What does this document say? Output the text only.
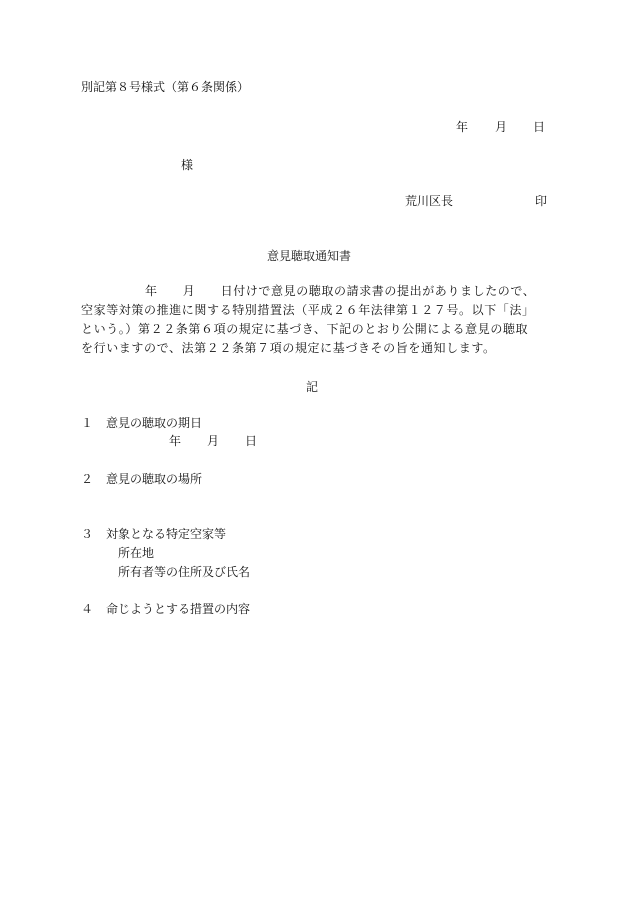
別記第８号様式（第６条関係）
年 月 日
様
荒川区長	印
意見聴取通知書
年　　月　　日付けで意見の聴取の請求書の提出がありましたので、
空家等対策の推進に関する特別措置法（平成２６年法律第１２７号。以下「法」
という。）第２２条第６項の規定に基づき、下記のとおり公開による意見の聴取
を行いますので、法第２２条第７項の規定に基づきその旨を通知します。
記
１ 意見の聴取の期日
年 月 日
２ 意見の聴取の場所
３ 対象となる特定空家等
所在地
所有者等の住所及び氏名
４ 命じようとする措置の内容
